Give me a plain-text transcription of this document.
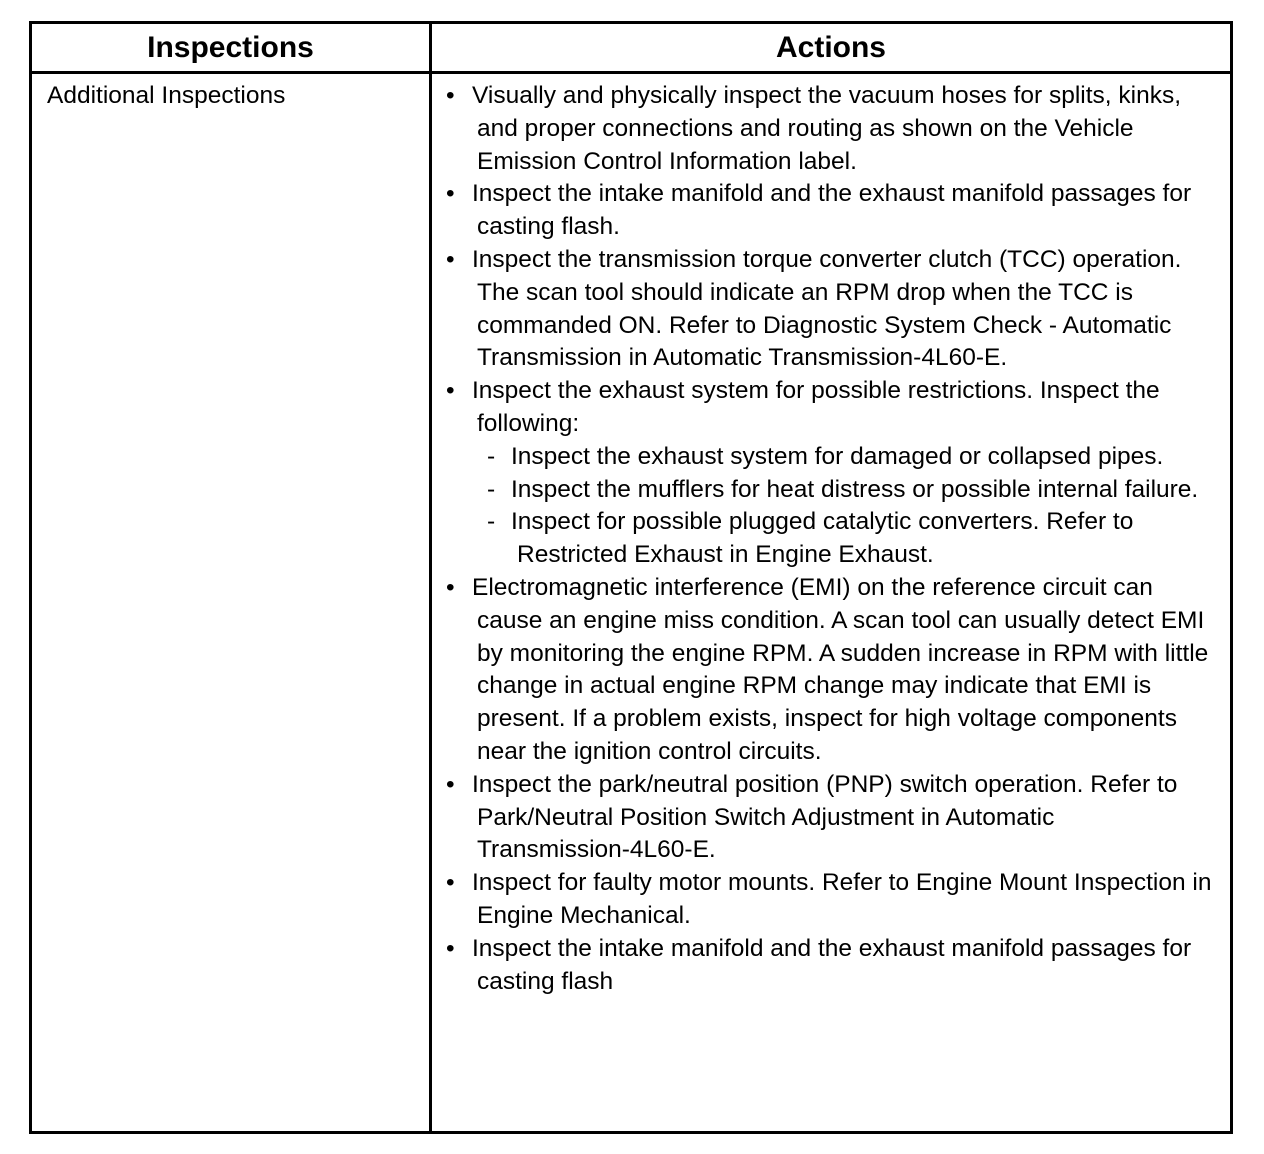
Inspections	Actions
Additional Inspections
•	Visually and physically inspect the vacuum hoses for splits, kinks, and proper connections and routing as shown on the Vehicle Emission Control Information label.
• Inspect the intake manifold and the exhaust manifold passages for casting flash.
• Inspect the transmission torque converter clutch (TCC) operation. The scan tool should indicate an RPM drop when the TCC is commanded ON. Refer to Diagnostic System Check - Automatic Transmission in Automatic Transmission-4L60-E.
• Inspect the exhaust system for possible restrictions. Inspect the following:
- Inspect the exhaust system for damaged or collapsed pipes.
- Inspect the mufflers for heat distress or possible internal failure.
- Inspect for possible plugged catalytic converters. Refer to Restricted Exhaust in Engine Exhaust.
• Electromagnetic interference (EMI) on the reference circuit can cause an engine miss condition. A scan tool can usually detect EMI by monitoring the engine RPM. A sudden increase in RPM with little change in actual engine RPM change may indicate that EMI is present. If a problem exists, inspect for high voltage components near the ignition control circuits.
• Inspect the park/neutral position (PNP) switch operation. Refer to Park/Neutral Position Switch Adjustment in Automatic Transmission-4L60-E.
• Inspect for faulty motor mounts. Refer to Engine Mount Inspection in Engine Mechanical.
• Inspect the intake manifold and the exhaust manifold passages for casting flash
